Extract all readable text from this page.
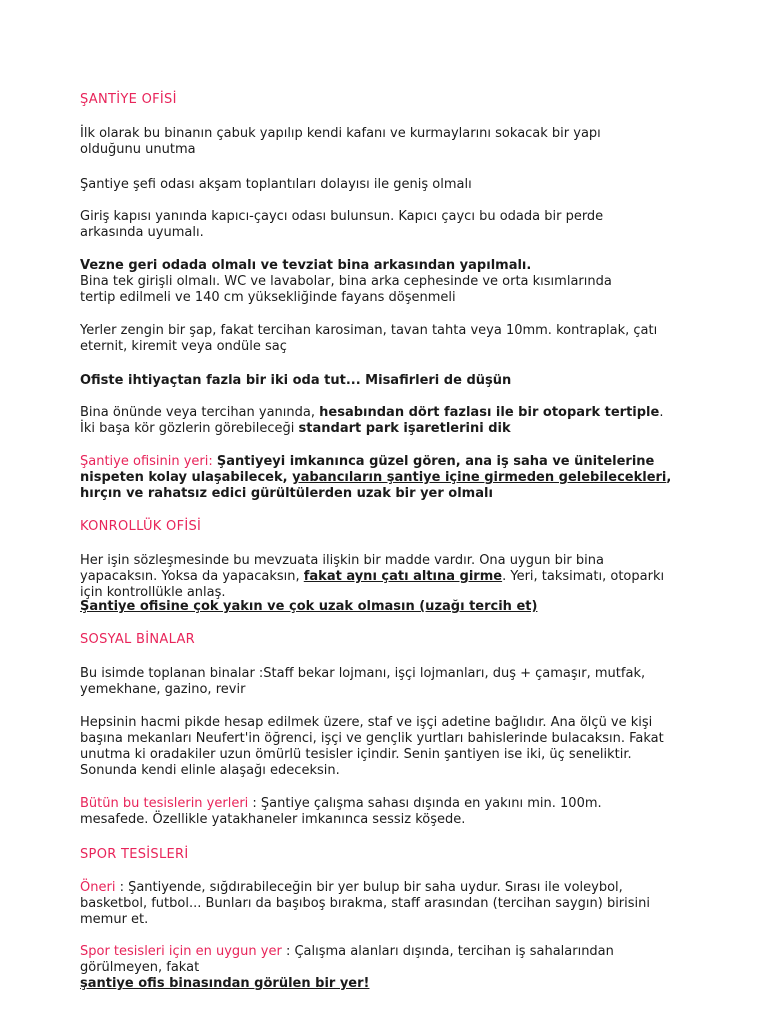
ŞANTİYE OFİSİ
İlk olarak bu binanın çabuk yapılıp kendi kafanı ve kurmaylarını sokacak bir yapı olduğunu unutma
Şantiye şefi odası akşam toplantıları dolayısı ile geniş olmalı
Giriş kapısı yanında kapıcı-çaycı odası bulunsun. Kapıcı çaycı bu odada bir perde arkasında uyumalı.
Vezne geri odada olmalı ve tevziat bina arkasından yapılmalı.
Bina tek girişli olmalı. WC ve lavabolar, bina arka cephesinde ve orta kısımlarında tertip edilmeli ve 140 cm yüksekliğinde fayans döşenmeli
Yerler zengin bir şap, fakat tercihan karosiman, tavan tahta veya 10mm. kontraplak, çatı eternit, kiremit veya ondüle saç
Ofiste ihtiyaçtan fazla bir iki oda tut... Misafirleri de düşün
Bina önünde veya tercihan yanında, hesabından dört fazlası ile bir otopark tertiple.
İki başa kör gözlerin görebileceği standart park işaretlerini dik
Şantiye ofisinin yeri: Şantiyeyi imkanınca güzel gören, ana iş saha ve ünitelerine nispeten kolay ulaşabilecek, yabancıların şantiye içine girmeden gelebilecekleri, hırçın ve rahatsız edici gürültülerden uzak bir yer olmalı
KONROLLÜK OFİSİ
Her işin sözleşmesinde bu mevzuata ilişkin bir madde vardır. Ona uygun bir bina yapacaksın. Yoksa da yapacaksın, fakat aynı çatı altına girme. Yeri, taksimatı, otoparkı için kontrollükle anlaş.
Şantiye ofisine çok yakın ve çok uzak olmasın (uzağı tercih et)
SOSYAL BİNALAR
Bu isimde toplanan binalar :Staff bekar lojmanı, işçi lojmanları, duş + çamaşır, mutfak, yemekhane, gazino, revir
Hepsinin hacmi pikde hesap edilmek üzere, staf ve işçi adetine bağlıdır. Ana ölçü ve kişi başına mekanları Neufert'in öğrenci, işçi ve gençlik yurtları bahislerinde bulacaksın. Fakat unutma ki oradakiler uzun ömürlü tesisler içindir. Senin şantiyen ise iki, üç seneliktir. Sonunda kendi elinle alaşağı edeceksin.
Bütün bu tesislerin yerleri : Şantiye çalışma sahası dışında en yakını min. 100m. mesafede. Özellikle yatakhaneler imkanınca sessiz köşede.
SPOR TESİSLERİ
Öneri : Şantiyende, sığdırabileceğin bir yer bulup bir saha uydur. Sırası ile voleybol, basketbol, futbol... Bunları da başıboş bırakma, staff arasından (tercihan saygın) birisini memur et.
Spor tesisleri için en uygun yer : Çalışma alanları dışında, tercihan iş sahalarından görülmeyen, fakat
şantiye ofis binasından görülen bir yer!
